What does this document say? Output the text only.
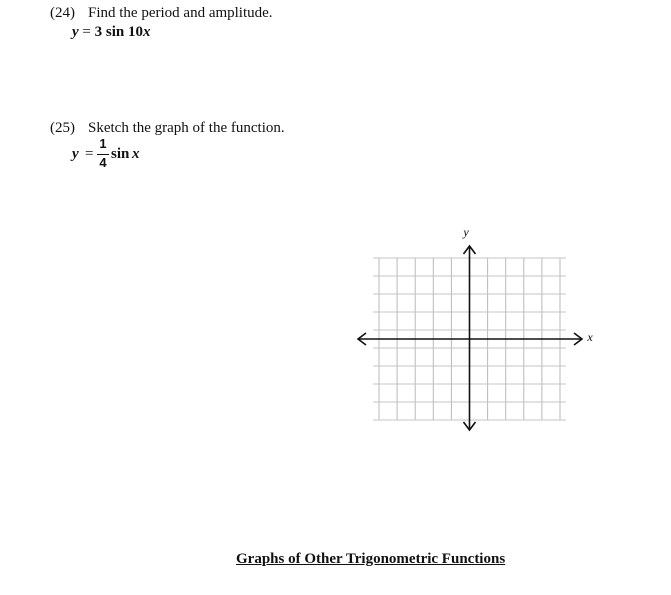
(24) Find the period and amplitude.
y = 3 sin 10x
(25) Sketch the graph of the function.
y =
1
4
sin x
y
x
Graphs of Other Trigonometric Functions
